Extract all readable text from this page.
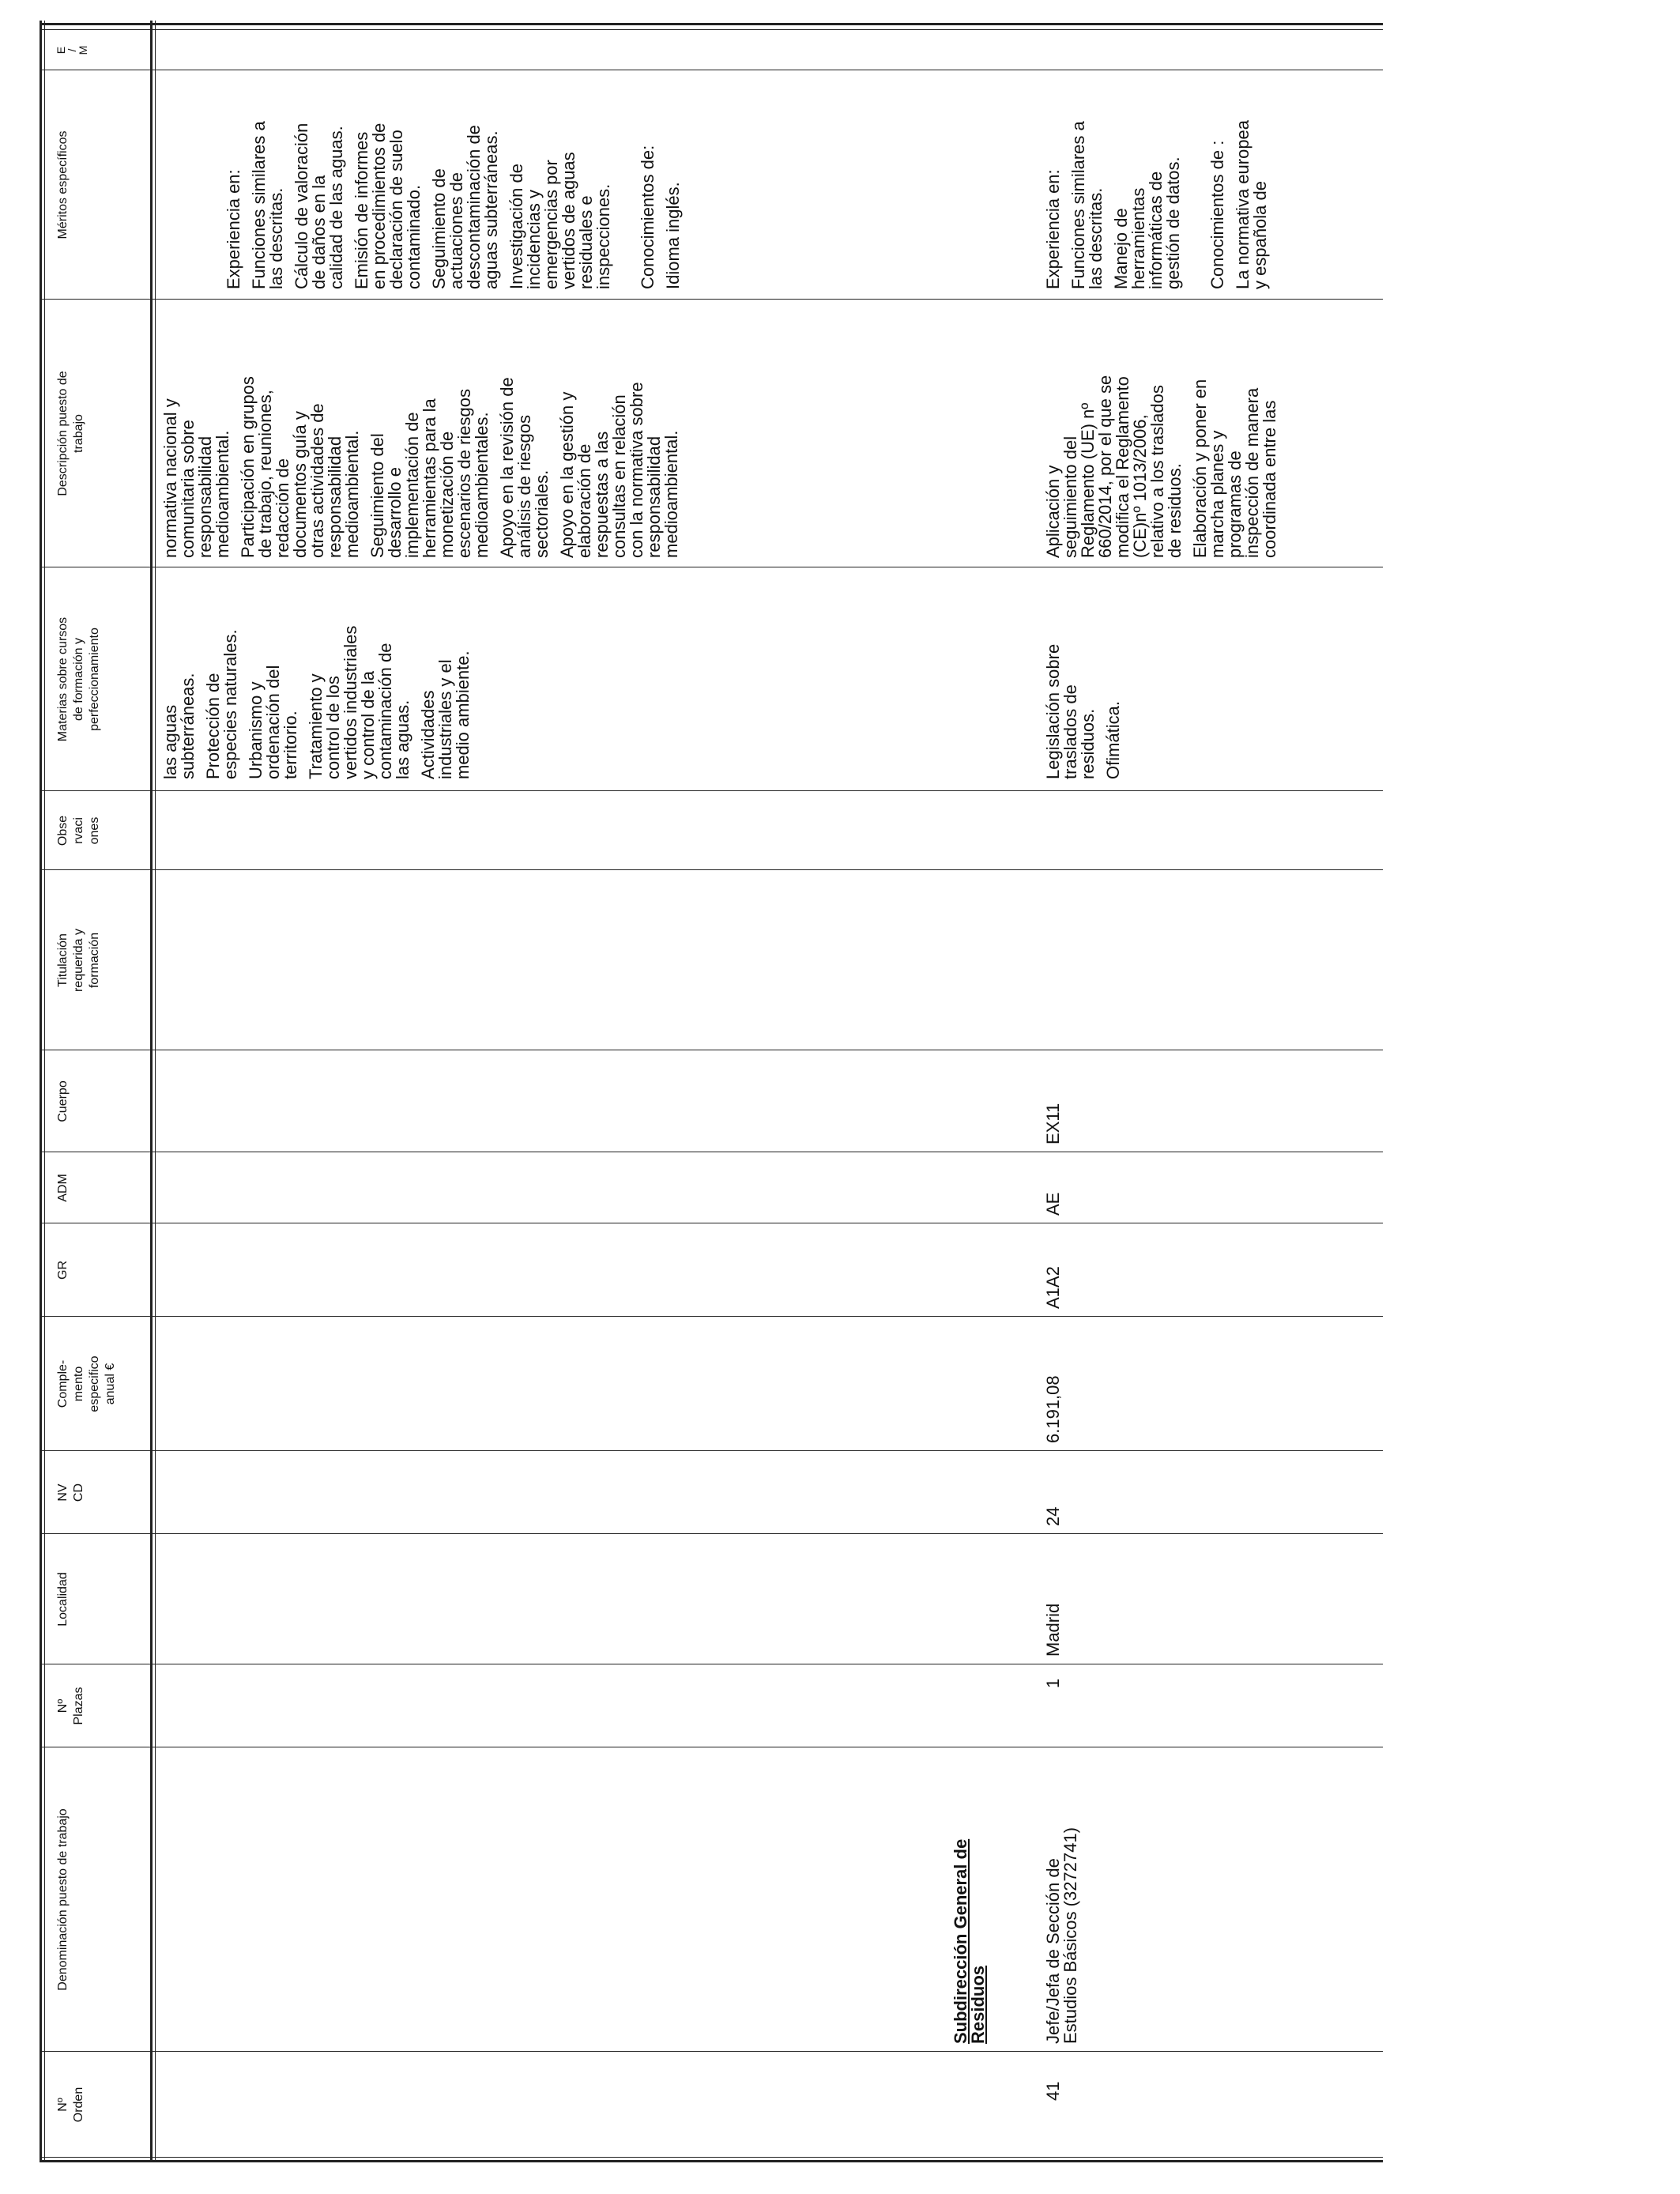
Nº
Orden
Denominación puesto de trabajo
Nº
Plazas
Localidad
NV
CD
Comple-
mento
especifico
anual €
GR
ADM
Cuerpo
Titulación
requerida y
formación
Obse
rvaci
ones
Materias sobre cursos
de formación y
perfeccionamiento
Descripción puesto de
trabajo
Méritos específicos
E
/
M

las aguas
subterráneas. Protección de
especies naturales.

Urbanismo y
ordenación del
territorio. Tratamiento y
control de los
vertidos industriales
y control de la
contaminación de
las aguas. Actividades
industriales y el
medio ambiente.

normativa nacional y
comunitaria sobre
responsabilidad
medioambiental. Participación en grupos
de trabajo, reuniones,
redacción de
documentos guía y
otras actividades de
responsabilidad
medioambiental. Seguimiento del
desarrollo e
implementación de
herramientas para la
monetización de
escenarios de riesgos
medioambientales. Apoyo en la revisión de
análisis de riesgos
sectoriales. Apoyo en la gestión y
elaboración de
respuestas a las
consultas en relación
con la normativa sobre
responsabilidad
medioambiental.

Experiencia en: Funciones similares a
las descritas. Cálculo de valoración
de daños en la
calidad de las aguas.

Emisión de informes
en procedimientos de
declaración de suelo
contaminado. Seguimiento de
actuaciones de
descontaminación de
aguas subterráneas.

Investigación de
incidencias y
emergencias por
vertidos de aguas
residuales e
inspecciones. Conocimientos de: Idioma inglés.

Subdirección General de
Residuos
41
Jefe/Jefa de Sección de
Estudios Básicos (3272741)
1
Madrid
24
6.191,08
A1A2
AE
EX11

Legislación sobre
traslados de
residuos. Ofimática.

Aplicación y
seguimiento del
Reglamento (UE) nº
660/2014, por el que se
modifica el Reglamento
(CE)nº 1013/2006,
relativo a los traslados
de residuos. Elaboración y poner en
marcha planes y
programas de
inspección de manera
coordinada entre las

Experiencia en: Funciones similares a
las descritas. Manejo de
herramientas
informáticas de
gestión de datos. Conocimientos de : La normativa europea
y española de
